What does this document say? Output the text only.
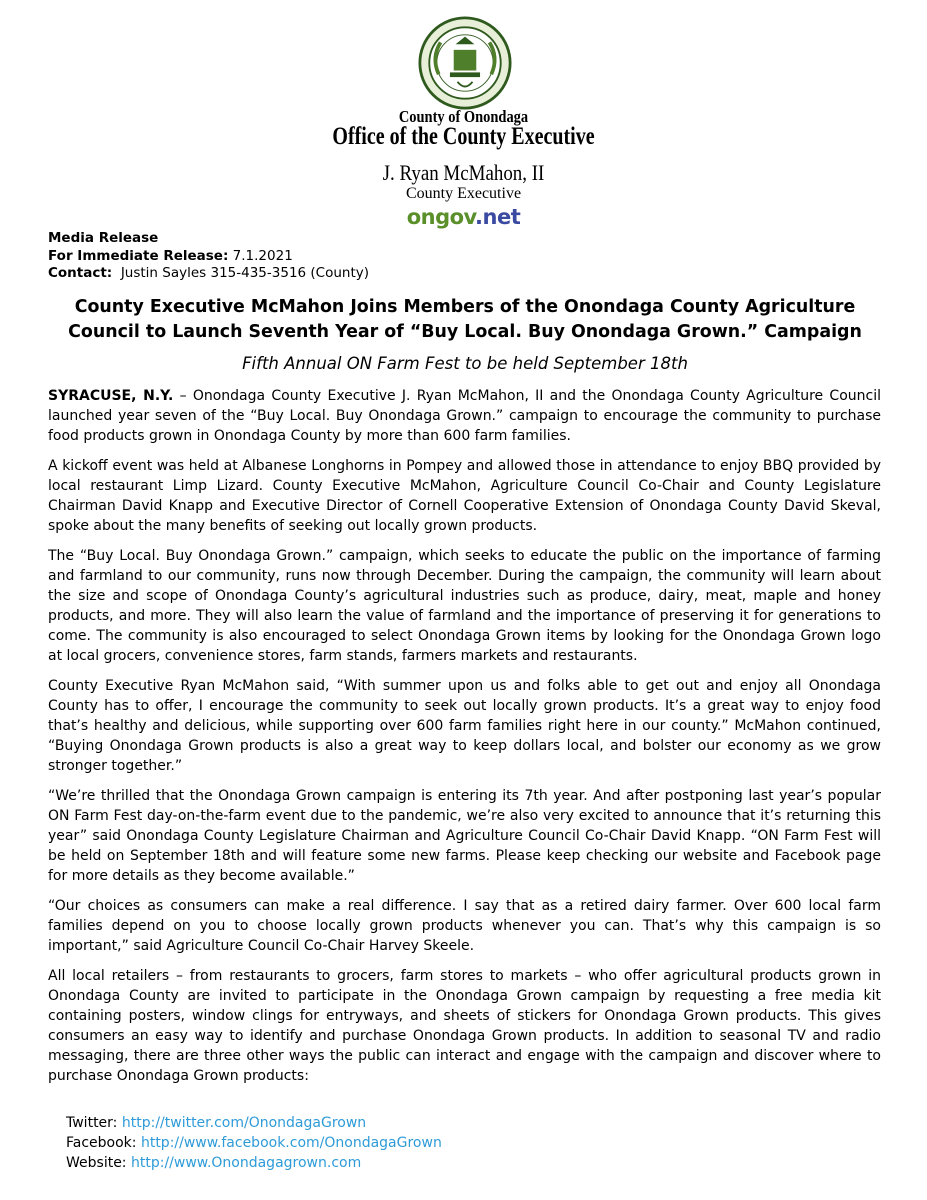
County of Onondaga
Office of the County Executive
J. Ryan McMahon, II
County Executive
ongov.net
Media Release
For Immediate Release: 7.1.2021
Contact: Justin Sayles 315-435-3516 (County)
County Executive McMahon Joins Members of the Onondaga County Agriculture
Council to Launch Seventh Year of “Buy Local. Buy Onondaga Grown.” Campaign
Fifth Annual ON Farm Fest to be held September 18th

SYRACUSE, N.Y. – Onondaga County Executive J. Ryan McMahon, II and the Onondaga County Agriculture Council launched year seven of the “Buy Local. Buy Onondaga Grown.” campaign to encourage the community to purchase food products grown in Onondaga County by more than 600 farm families.

A kickoff event was held at Albanese Longhorns in Pompey and allowed those in attendance to enjoy BBQ provided by local restaurant Limp Lizard. County Executive McMahon, Agriculture Council Co-Chair and County Legislature Chairman David Knapp and Executive Director of Cornell Cooperative Extension of Onondaga County David Skeval, spoke about the many benefits of seeking out locally grown products.

The “Buy Local. Buy Onondaga Grown.” campaign, which seeks to educate the public on the importance of farming and farmland to our community, runs now through December. During the campaign, the community will learn about the size and scope of Onondaga County’s agricultural industries such as produce, dairy, meat, maple and honey products, and more. They will also learn the value of farmland and the importance of preserving it for generations to come. The community is also encouraged to select Onondaga Grown items by looking for the Onondaga Grown logo at local grocers, convenience stores, farm stands, farmers markets and restaurants.

County Executive Ryan McMahon said, “With summer upon us and folks able to get out and enjoy all Onondaga County has to offer, I encourage the community to seek out locally grown products. It’s a great way to enjoy food that’s healthy and delicious, while supporting over 600 farm families right here in our county.” McMahon continued, “Buying Onondaga Grown products is also a great way to keep dollars local, and bolster our economy as we grow stronger together.”

“We’re thrilled that the Onondaga Grown campaign is entering its 7th year. And after postponing last year’s popular ON Farm Fest day-on-the-farm event due to the pandemic, we’re also very excited to announce that it’s returning this year” said Onondaga County Legislature Chairman and Agriculture Council Co-Chair David Knapp. “ON Farm Fest will be held on September 18th and will feature some new farms. Please keep checking our website and Facebook page for more details as they become available.”

“Our choices as consumers can make a real difference. I say that as a retired dairy farmer. Over 600 local farm families depend on you to choose locally grown products whenever you can. That’s why this campaign is so important,” said Agriculture Council Co-Chair Harvey Skeele.

All local retailers – from restaurants to grocers, farm stores to markets – who offer agricultural products grown in Onondaga County are invited to participate in the Onondaga Grown campaign by requesting a free media kit containing posters, window clings for entryways, and sheets of stickers for Onondaga Grown products. This gives consumers an easy way to identify and purchase Onondaga Grown products. In addition to seasonal TV and radio messaging, there are three other ways the public can interact and engage with the campaign and discover where to purchase Onondaga Grown products:

Twitter: http://twitter.com/OnondagaGrown
Facebook: http://www.facebook.com/OnondagaGrown
Website: http://www.Onondagagrown.com
